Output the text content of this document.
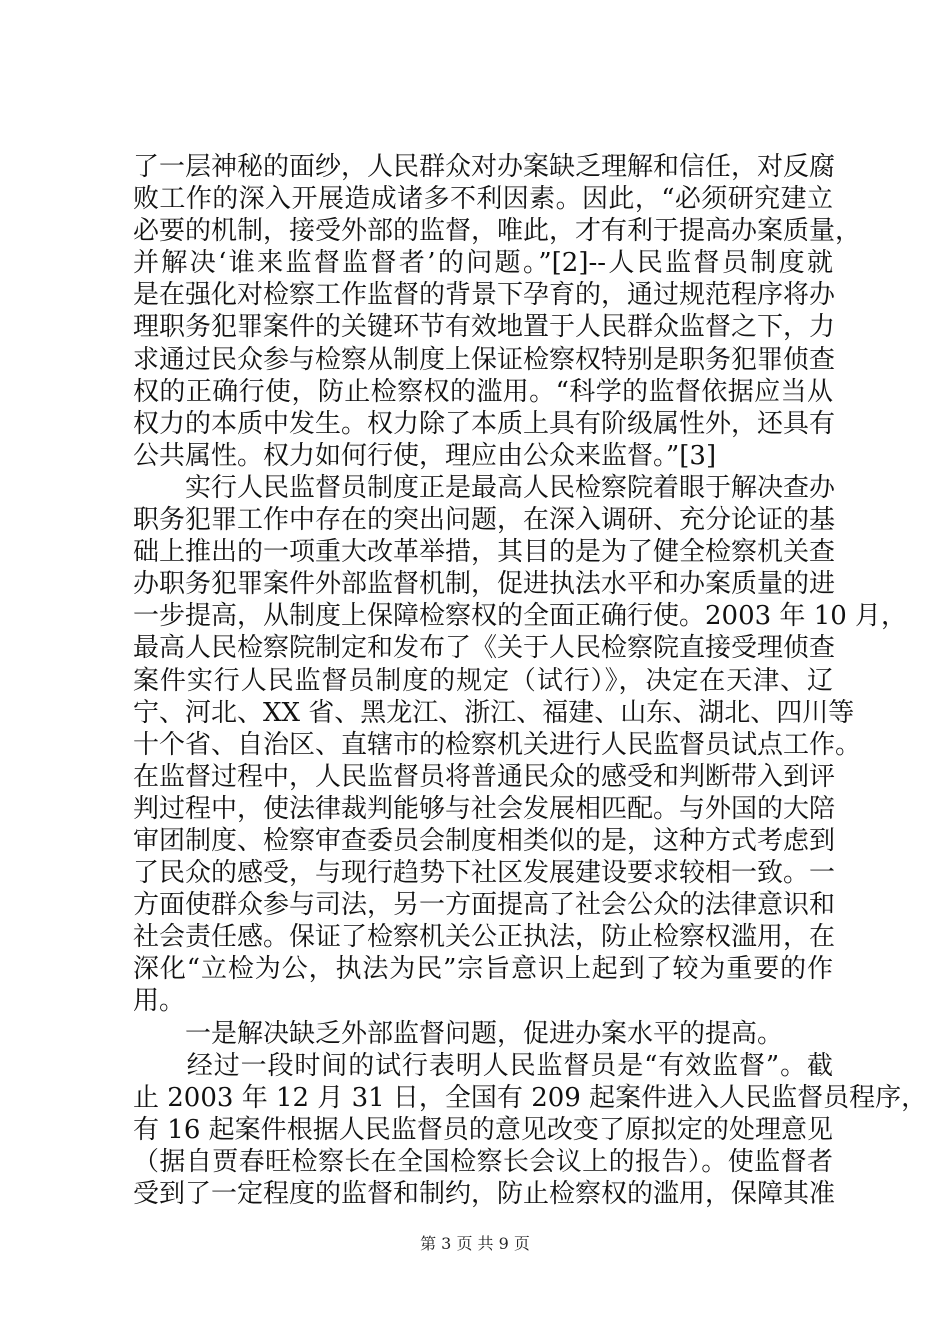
了一层神秘的面纱，人民群众对办案缺乏理解和信任，对反腐
败工作的深入开展造成诸多不利因素。因此，“必须研究建立
必要的机制，接受外部的监督，唯此，才有利于提高办案质量，
并解决‘谁来监督监督者’的问题。”[2]--人民监督员制度就
是在强化对检察工作监督的背景下孕育的，通过规范程序将办
理职务犯罪案件的关键环节有效地置于人民群众监督之下，力
求通过民众参与检察从制度上保证检察权特别是职务犯罪侦查
权的正确行使，防止检察权的滥用。“科学的监督依据应当从
权力的本质中发生。权力除了本质上具有阶级属性外，还具有
公共属性。权力如何行使，理应由公众来监督。”[3]
　　实行人民监督员制度正是最高人民检察院着眼于解决查办
职务犯罪工作中存在的突出问题，在深入调研、充分论证的基
础上推出的一项重大改革举措，其目的是为了健全检察机关查
办职务犯罪案件外部监督机制，促进执法水平和办案质量的进
一步提高，从制度上保障检察权的全面正确行使。2003 年 10 月，
最高人民检察院制定和发布了《关于人民检察院直接受理侦查
案件实行人民监督员制度的规定（试行）》，决定在天津、辽
宁、河北、XX 省、黑龙江、浙江、福建、山东、湖北、四川等
十个省、自治区、直辖市的检察机关进行人民监督员试点工作。
在监督过程中，人民监督员将普通民众的感受和判断带入到评
判过程中，使法律裁判能够与社会发展相匹配。与外国的大陪
审团制度、检察审查委员会制度相类似的是，这种方式考虑到
了民众的感受，与现行趋势下社区发展建设要求较相一致。一
方面使群众参与司法，另一方面提高了社会公众的法律意识和
社会责任感。保证了检察机关公正执法，防止检察权滥用，在
深化“立检为公，执法为民”宗旨意识上起到了较为重要的作
用。
　　一是解决缺乏外部监督问题，促进办案水平的提高。
　　经过一段时间的试行表明人民监督员是“有效监督”。截
止 2003 年 12 月 31 日，全国有 209 起案件进入人民监督员程序，
有 16 起案件根据人民监督员的意见改变了原拟定的处理意见
（据自贾春旺检察长在全国检察长会议上的报告）。使监督者
受到了一定程度的监督和制约，防止检察权的滥用，保障其准
第 3 页 共 9 页
